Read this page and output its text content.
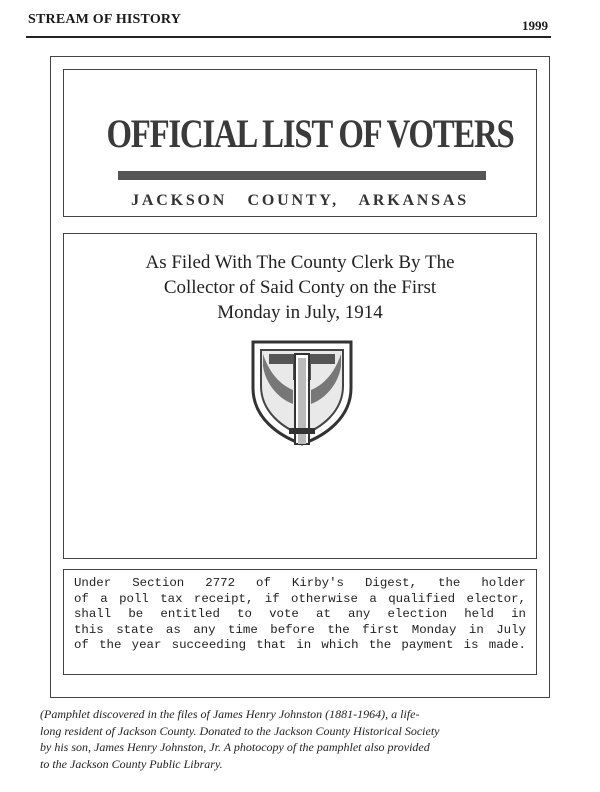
STREAM OF HISTORY	1999
OFFICIAL LIST OF VOTERS
JACKSON   COUNTY,   ARKANSAS
As Filed With The County Clerk By The
Collector of Said Conty on the First
Monday in July, 1914

Under Section 2772 of Kirby's Digest, the holder

of a poll tax receipt, if otherwise a qualified elector,

shall be entitled to vote at any election held in

this state as any time before the first Monday in July

of the year succeeding that in which the payment is made.

(Pamphlet discovered in the files of James Henry Johnston (1881-1964), a life-
long resident of Jackson County. Donated to the Jackson County Historical Society
by his son, James Henry Johnston, Jr. A photocopy of the pamphlet also provided
to the Jackson County Public Library.
